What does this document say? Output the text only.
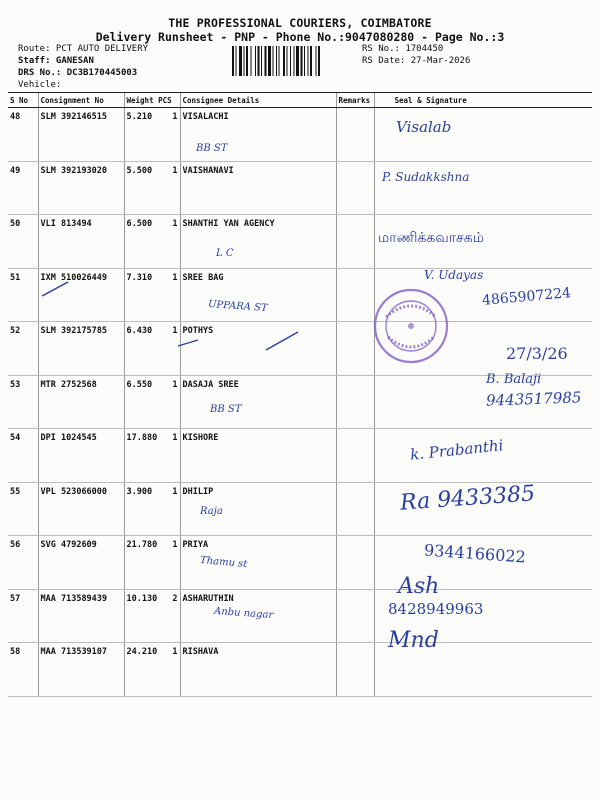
THE PROFESSIONAL COURIERS, COIMBATORE
Delivery Runsheet - PNP - Phone No.:9047080280 - Page No.:3
Route: PCT AUTO DELIVERY
Staff: GANESAN
DRS No.: DC3B170445003
Vehicle:
RS No.: 1704450
RS Date: 27-Mar-2026
S No	Consignment No	Weight PCS	Consignee Details	Remarks	Seal & Signature
48	SLM 392146515	5.210 1	VISALACHI		
49	SLM 392193020	5.500 1	VAISHANAVI		
50	VLI 813494	6.500 1	SHANTHI YAN AGENCY		
51	IXM 510026449	7.310 1	SREE BAG		
52	SLM 392175785	6.430 1	POTHYS		
53	MTR 2752568	6.550 1	DASAJA SREE		
54	DPI 1024545	17.880 1	KISHORE		
55	VPL 523066000	3.900 1	DHILIP		
56	SVG 4792609	21.780 1	PRIYA		
57	MAA 713589439	10.130 2	ASHARUTHIN		
58	MAA 713539107	24.210 1	RISHAVA		
BB ST
L C
UPPARA ST
BB ST
Raja
Thamu st
Anbu nagar
Visalab
P. Sudakkshna
மாணிக்கவாசகம்
V. Udayas
4865907224
27/3/26
B. Balaji
9443517985
k. Prabanthi
Ra 9433385
9344166022
Ash
8428949963
Mnd
